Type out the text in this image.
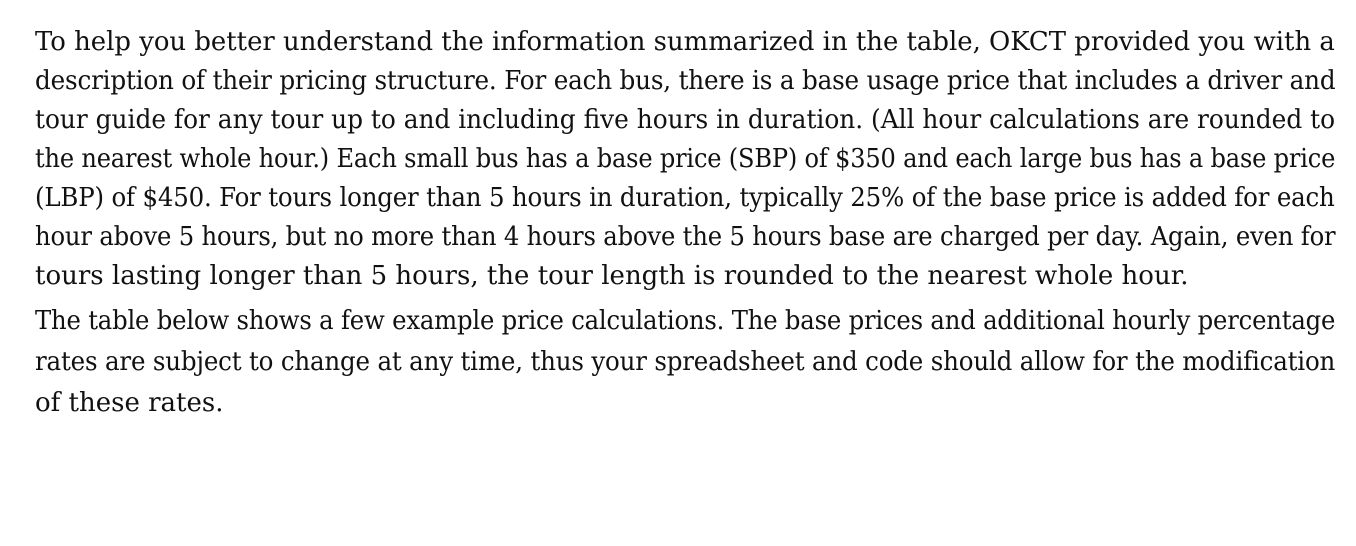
To help you better understand the information summarized in the table, OKCT provided you with a
description of their pricing structure. For each bus, there is a base usage price that includes a driver and
tour guide for any tour up to and including five hours in duration. (All hour calculations are rounded to
the nearest whole hour.) Each small bus has a base price (SBP) of $350 and each large bus has a base price
(LBP) of $450. For tours longer than 5 hours in duration, typically 25% of the base price is added for each
hour above 5 hours, but no more than 4 hours above the 5 hours base are charged per day. Again, even for
tours lasting longer than 5 hours, the tour length is rounded to the nearest whole hour.
The table below shows a few example price calculations. The base prices and additional hourly percentage
rates are subject to change at any time, thus your spreadsheet and code should allow for the modification
of these rates.
